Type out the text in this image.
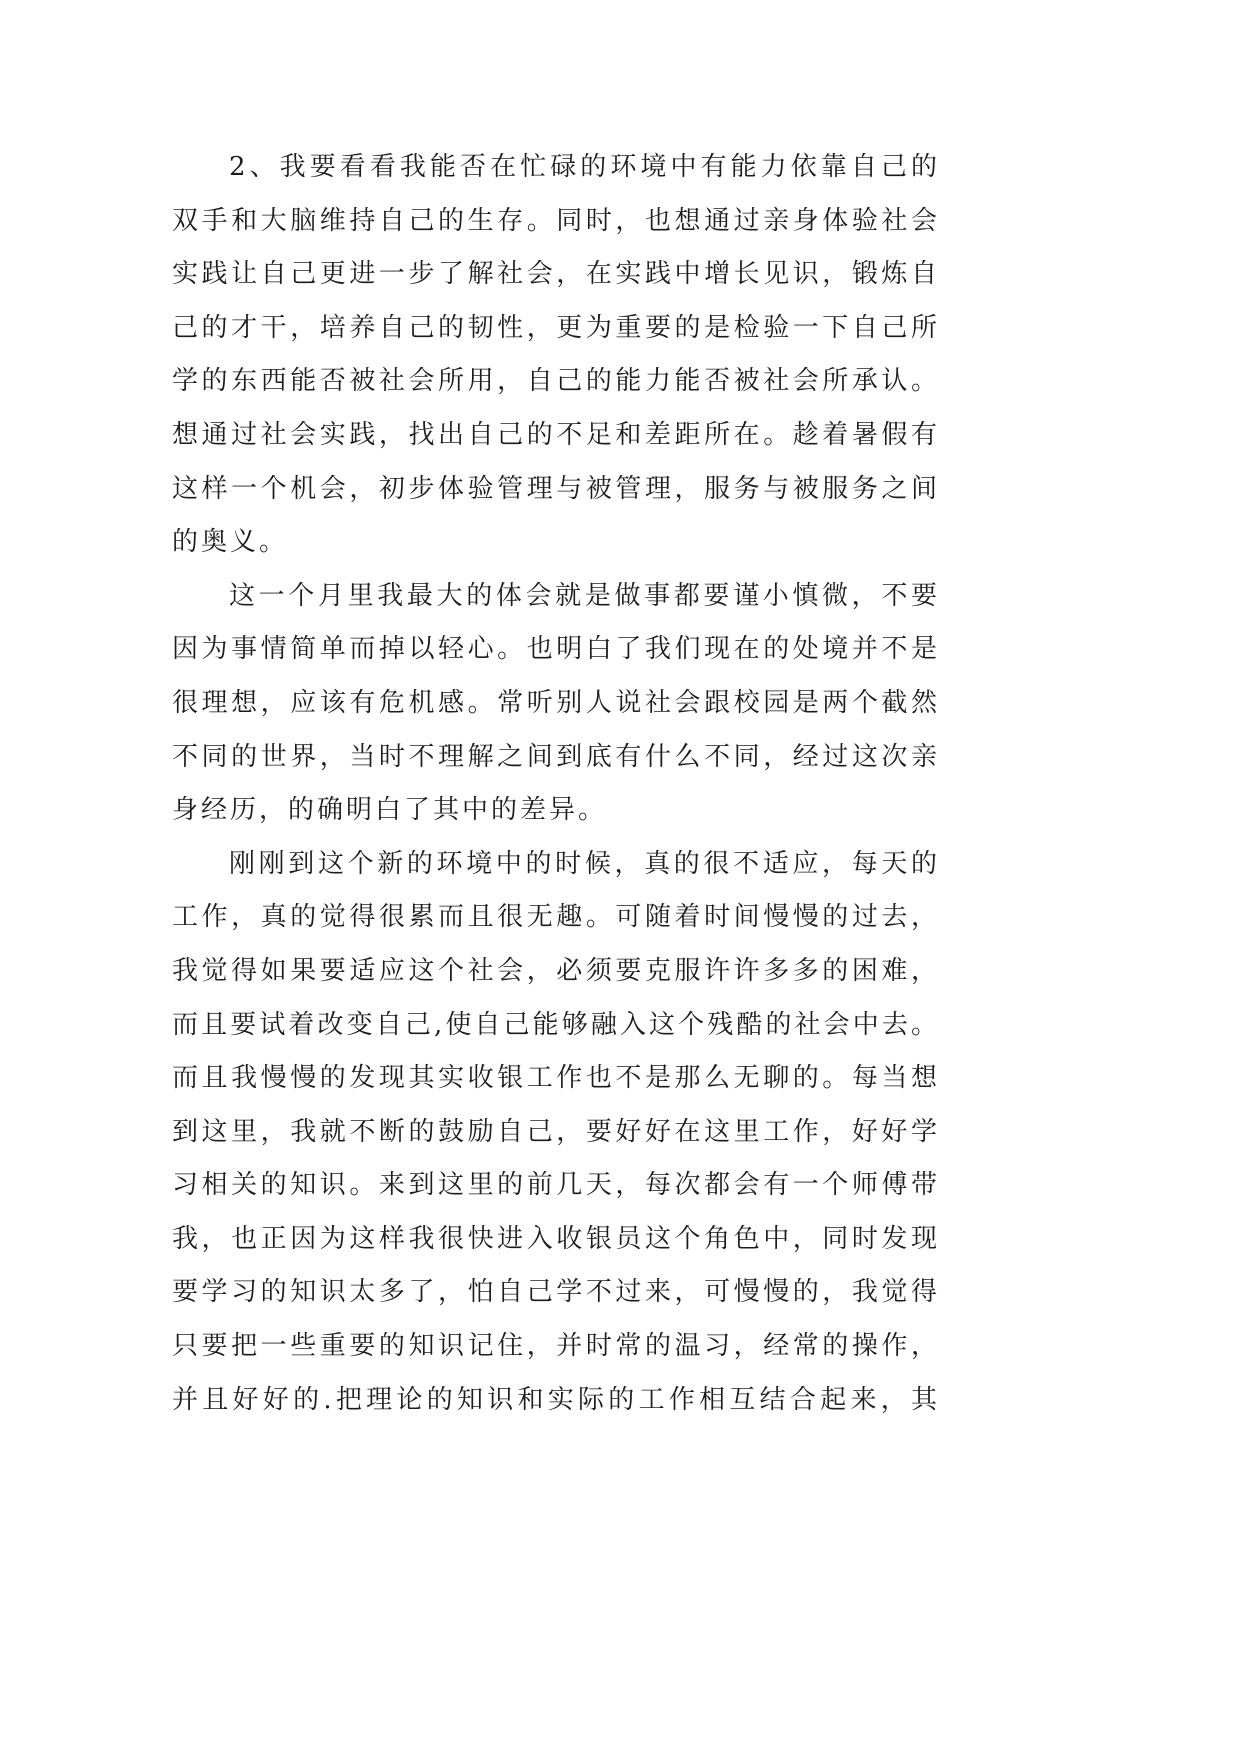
2、我要看看我能否在忙碌的环境中有能力依靠自己的
双手和大脑维持自己的生存。同时，也想通过亲身体验社会
实践让自己更进一步了解社会，在实践中增长见识，锻炼自
己的才干，培养自己的韧性，更为重要的是检验一下自己所
学的东西能否被社会所用，自己的能力能否被社会所承认。
想通过社会实践，找出自己的不足和差距所在。趁着暑假有
这样一个机会，初步体验管理与被管理，服务与被服务之间
的奥义。
这一个月里我最大的体会就是做事都要谨小慎微，不要
因为事情简单而掉以轻心。也明白了我们现在的处境并不是
很理想，应该有危机感。常听别人说社会跟校园是两个截然
不同的世界，当时不理解之间到底有什么不同，经过这次亲
身经历，的确明白了其中的差异。
刚刚到这个新的环境中的时候，真的很不适应，每天的
工作，真的觉得很累而且很无趣。可随着时间慢慢的过去，
我觉得如果要适应这个社会，必须要克服许许多多的困难，
而且要试着改变自己,使自己能够融入这个残酷的社会中去。
而且我慢慢的发现其实收银工作也不是那么无聊的。每当想
到这里，我就不断的鼓励自己，要好好在这里工作，好好学
习相关的知识。来到这里的前几天，每次都会有一个师傅带
我，也正因为这样我很快进入收银员这个角色中，同时发现
要学习的知识太多了，怕自己学不过来，可慢慢的，我觉得
只要把一些重要的知识记住，并时常的温习，经常的操作，
并且好好的.把理论的知识和实际的工作相互结合起来，其
